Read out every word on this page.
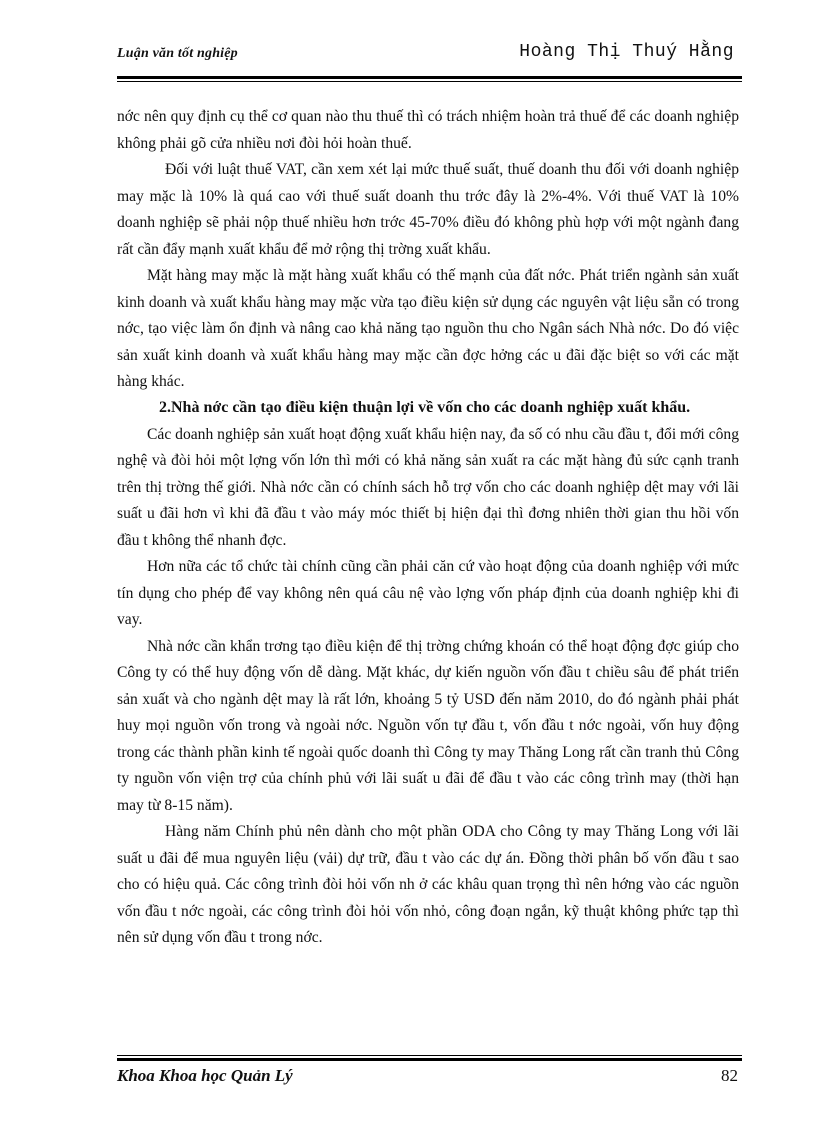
Luận văn tốt nghiệp	Hoàng Thị Thuý Hằng

nớc nên quy định cụ thể cơ quan nào thu thuế thì có trách nhiệm hoàn trả thuế để các doanh nghiệp không phải gõ cửa nhiều nơi đòi hỏi hoàn thuế.

Đối với luật thuế VAT, cần xem xét lại mức thuế suất, thuế doanh thu đối với doanh nghiệp may mặc là 10% là quá cao với thuế suất doanh thu trớc đây là 2%-4%. Với thuế VAT là 10% doanh nghiệp sẽ phải nộp thuế nhiều hơn trớc 45-70% điều đó không phù hợp với một ngành đang rất cần đẩy mạnh xuất khẩu để mở rộng thị trờng xuất khẩu.

Mặt hàng may mặc là mặt hàng xuất khẩu có thế mạnh của đất nớc. Phát triển ngành sản xuất kinh doanh và xuất khẩu hàng may mặc vừa tạo điều kiện sử dụng các nguyên vật liệu sẵn có trong nớc, tạo việc làm ổn định và nâng cao khả năng tạo nguồn thu cho Ngân sách Nhà nớc. Do đó việc sản xuất kinh doanh và xuất khẩu hàng may mặc cần đợc hởng các u đãi đặc biệt so với các mặt hàng khác.

2.Nhà nớc cần tạo điều kiện thuận lợi về vốn cho các doanh nghiệp xuất khẩu.

Các doanh nghiệp sản xuất hoạt động xuất khẩu hiện nay, đa số có nhu cầu đầu t, đổi mới công nghệ và đòi hỏi một lợng vốn lớn thì mới có khả năng sản xuất ra các mặt hàng đủ sức cạnh tranh trên thị trờng thế giới. Nhà nớc cần có chính sách hỗ trợ vốn cho các doanh nghiệp dệt may với lãi suất u đãi hơn vì khi đã đầu t vào máy móc thiết bị hiện đại thì đơng nhiên thời gian thu hồi vốn đầu t không thể nhanh đợc.

Hơn nữa các tổ chức tài chính cũng cần phải căn cứ vào hoạt động của doanh nghiệp với mức tín dụng cho phép để vay không nên quá câu nệ vào lợng vốn pháp định của doanh nghiệp khi đi vay.

Nhà nớc cần khẩn trơng tạo điều kiện để thị trờng chứng khoán có thể hoạt động đợc giúp cho Công ty có thể huy động vốn dễ dàng. Mặt khác, dự kiến nguồn vốn đầu t chiều sâu để phát triển sản xuất và cho ngành dệt may là rất lớn, khoảng 5 tỷ USD đến năm 2010, do đó ngành phải phát huy mọi nguồn vốn trong và ngoài nớc. Nguồn vốn tự đầu t, vốn đầu t nớc ngoài, vốn huy động trong các thành phần kinh tế ngoài quốc doanh thì Công ty may Thăng Long rất cần tranh thủ Công ty nguồn vốn viện trợ của chính phủ với lãi suất u đãi để đầu t vào các công trình may (thời hạn may từ 8-15 năm).

Hàng năm Chính phủ nên dành cho một phần ODA cho Công ty may Thăng Long với lãi suất u đãi để mua nguyên liệu (vải) dự trữ, đầu t vào các dự án. Đồng thời phân bố vốn đầu t sao cho có hiệu quả. Các công trình đòi hỏi vốn nh ở các khâu quan trọng thì nên hớng vào các nguồn vốn đầu t nớc ngoài, các công trình đòi hỏi vốn nhỏ, công đoạn ngắn, kỹ thuật không phức tạp thì nên sử dụng vốn đầu t trong nớc.

Khoa Khoa học Quản Lý	82
